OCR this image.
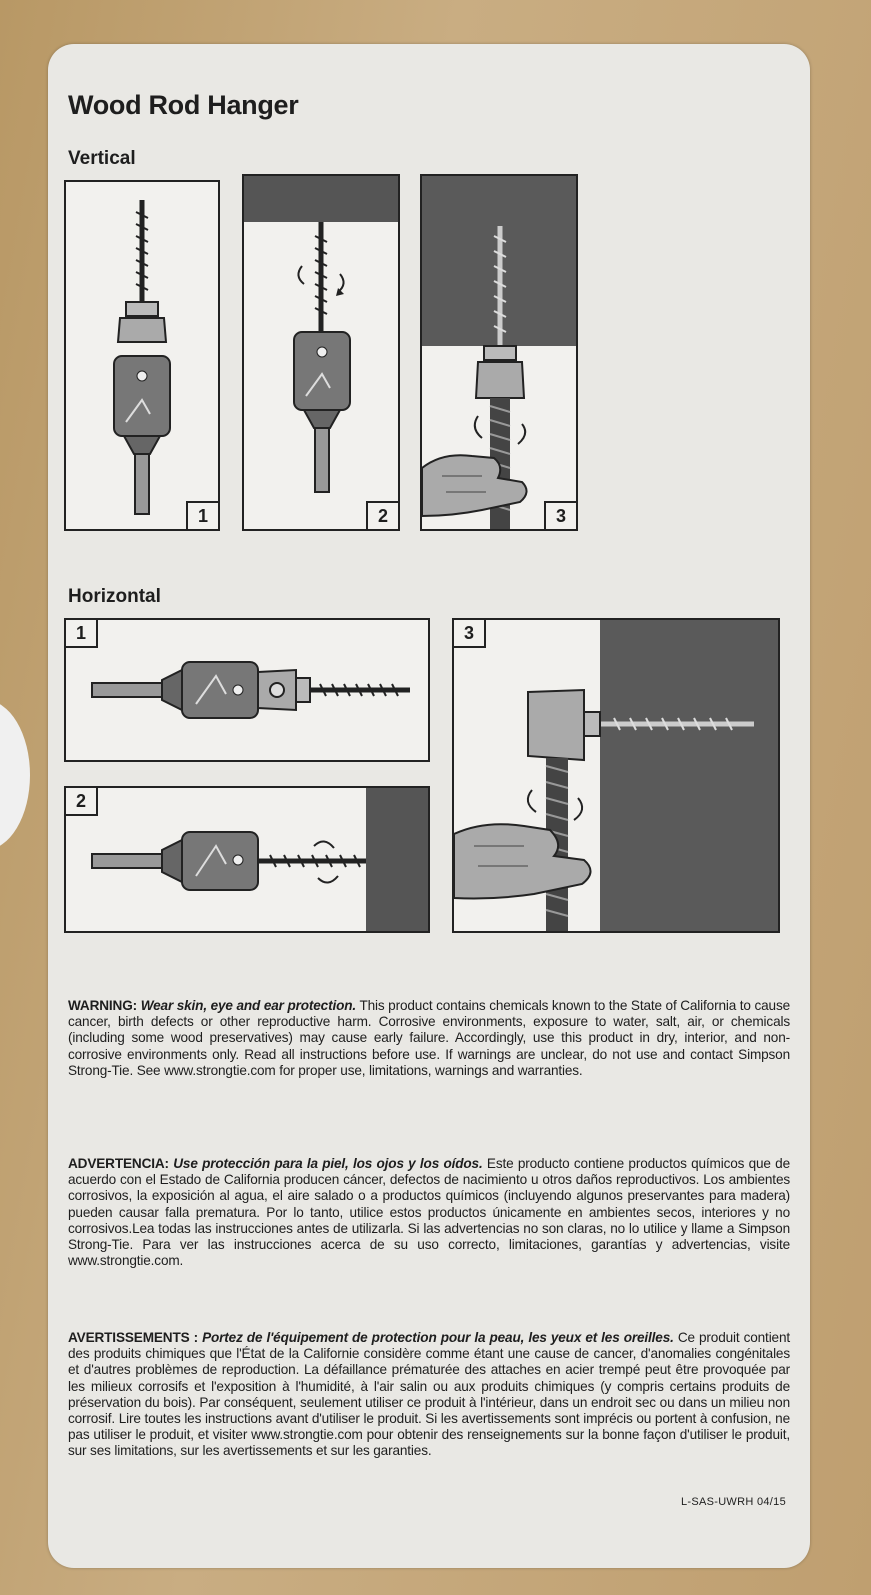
Wood Rod Hanger
Vertical
1	2	3
Horizontal
1
2
3
WARNING: Wear skin, eye and ear protection. This product contains chemicals known to the State of California to cause cancer, birth defects or other reproductive harm. Corrosive environments, exposure to water, salt, air, or chemicals (including some wood preservatives) may cause early failure. Accordingly, use this product in dry, interior, and non-corrosive environments only. Read all instructions before use. If warnings are unclear, do not use and contact Simpson Strong-Tie. See www.strongtie.com for proper use, limitations, warnings and warranties.
ADVERTENCIA: Use protección para la piel, los ojos y los oídos. Este producto contiene productos químicos que de acuerdo con el Estado de California producen cáncer, defectos de nacimiento u otros daños reproductivos. Los ambientes corrosivos, la exposición al agua, el aire salado o a productos químicos (incluyendo algunos preservantes para madera) pueden causar falla prematura. Por lo tanto, utilice estos productos únicamente en ambientes secos, interiores y no corrosivos.Lea todas las instrucciones antes de utilizarla. Si las advertencias no son claras, no lo utilice y llame a Simpson Strong-Tie. Para ver las instrucciones acerca de su uso correcto, limitaciones, garantías y advertencias, visite www.strongtie.com.
AVERTISSEMENTS : Portez de l'équipement de protection pour la peau, les yeux et les oreilles. Ce produit contient des produits chimiques que l'État de la Californie considère comme étant une cause de cancer, d'anomalies congénitales et d'autres problèmes de reproduction. La défaillance prématurée des attaches en acier trempé peut être provoquée par les milieux corrosifs et l'exposition à l'humidité, à l'air salin ou aux produits chimiques (y compris certains produits de préservation du bois). Par conséquent, seulement utiliser ce produit à l'intérieur, dans un endroit sec ou dans un milieu non corrosif. Lire toutes les instructions avant d'utiliser le produit. Si les avertissements sont imprécis ou portent à confusion, ne pas utiliser le produit, et visiter www.strongtie.com pour obtenir des renseignements sur la bonne façon d'utiliser le produit, sur ses limitations, sur les avertissements et sur les garanties.
L-SAS-UWRH 04/15
